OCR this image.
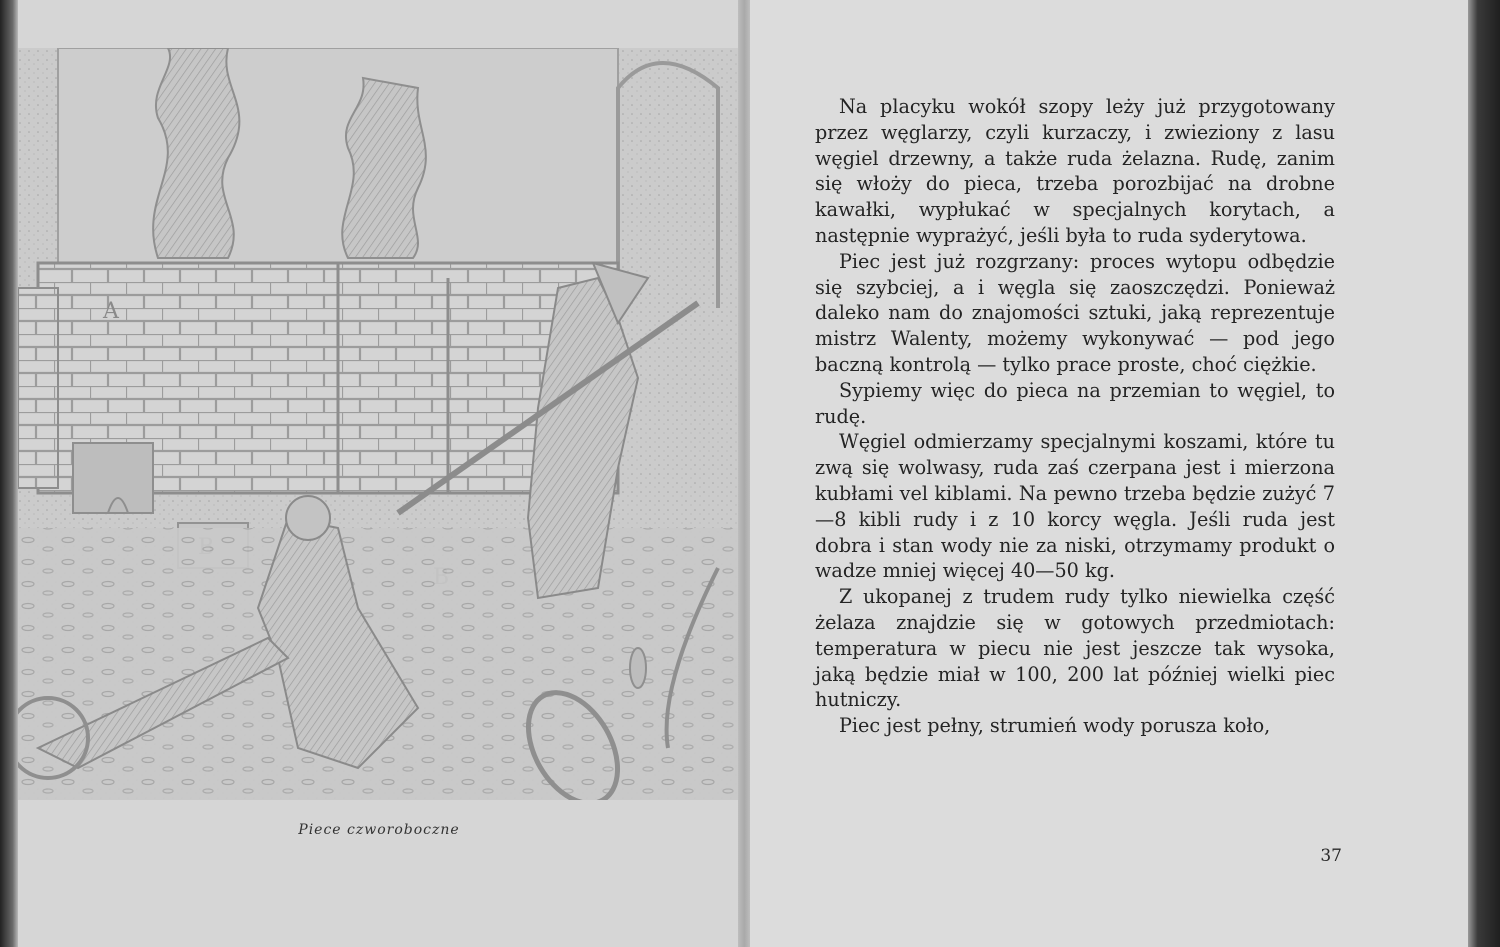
A
Piece czworoboczne

Na placyku wokół szopy leży już przygotowany przez węglarzy, czyli kurzaczy, i zwieziony z lasu węgiel drzewny, a także ruda żelazna. Rudę, zanim się włoży do pieca, trzeba porozbijać na drobne kawałki, wypłukać w specjalnych korytach, a następnie wyprażyć, jeśli była to ruda syderytowa.

Piec jest już rozgrzany: proces wytopu odbędzie się szybciej, a i węgla się zaoszczędzi. Ponieważ daleko nam do znajomości sztuki, jaką reprezentuje mistrz Walenty, możemy wykonywać — pod jego baczną kontrolą — tylko prace proste, choć ciężkie.

Sypiemy więc do pieca na przemian to węgiel, to rudę.

Węgiel odmierzamy specjalnymi koszami, które tu zwą się wolwasy, ruda zaś czerpana jest i mierzona kubłami vel kiblami. Na pewno trzeba będzie zużyć 7—8 kibli rudy i z 10 korcy węgla. Jeśli ruda jest dobra i stan wody nie za niski, otrzymamy produkt o wadze mniej więcej 40—50 kg.

Z ukopanej z trudem rudy tylko niewielka część żelaza znajdzie się w gotowych przedmiotach: temperatura w piecu nie jest jeszcze tak wysoka, jaką będzie miał w 100, 200 lat później wielki piec hutniczy.

Piec jest pełny, strumień wody porusza koło,

37
